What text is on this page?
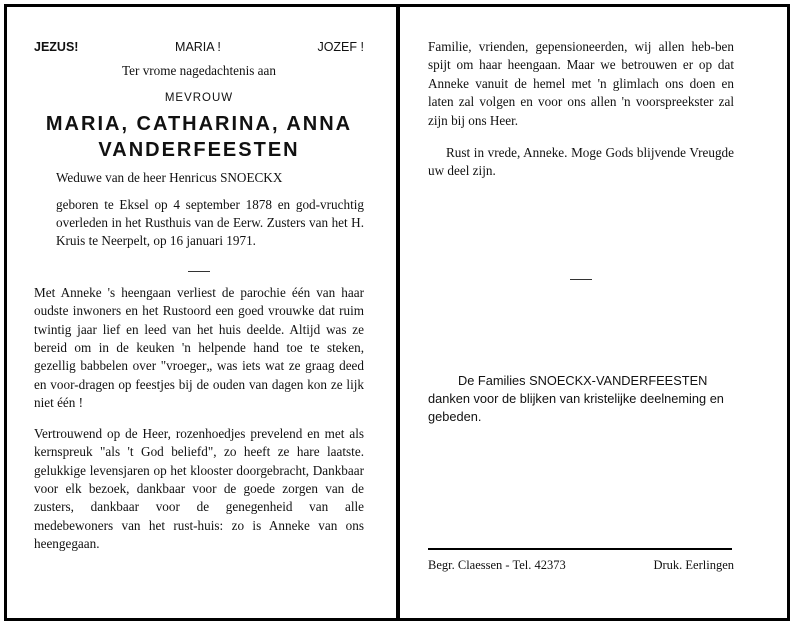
JEZUS!	MARIA !	JOZEF !
Ter vrome nagedachtenis aan
MEVROUW
MARIA, CATHARINA, ANNA
VANDERFEESTEN
Weduwe van de heer Henricus SNOECKX
geboren te Eksel op 4 september 1878 en god-vruchtig overleden in het Rusthuis van de Eerw. Zusters van het H. Kruis te Neerpelt, op 16 januari 1971.
Met Anneke 's heengaan verliest de parochie één van haar oudste inwoners en het Rustoord een goed vrouwke dat ruim twintig jaar lief en leed van het huis deelde. Altijd was ze bereid om in de keuken 'n helpende hand toe te steken, gezellig babbelen over "vroeger„ was iets wat ze graag deed en voor-dragen op feestjes bij de ouden van dagen kon ze lijk niet één !
Vertrouwend op de Heer, rozenhoedjes prevelend en met als kernspreuk "als 't God beliefd", zo heeft ze hare laatste. gelukkige levensjaren op het klooster doorgebracht, Dankbaar voor elk bezoek, dankbaar voor de goede zorgen van de zusters, dankbaar voor de genegenheid van alle medebewoners van het rust-huis: zo is Anneke van ons heengegaan.
Familie, vrienden, gepensioneerden, wij allen heb-ben spijt om haar heengaan. Maar we betrouwen er op dat Anneke vanuit de hemel met 'n glimlach ons doen en laten zal volgen en voor ons allen 'n voorspreekster zal zijn bij ons Heer.
Rust in vrede, Anneke. Moge Gods blijvende Vreugde uw deel zijn.
De Families SNOECKX-VANDERFEESTEN
danken voor de blijken van kristelijke deelneming en gebeden.
Begr. Claessen - Tel. 42373	Druk. Eerlingen
